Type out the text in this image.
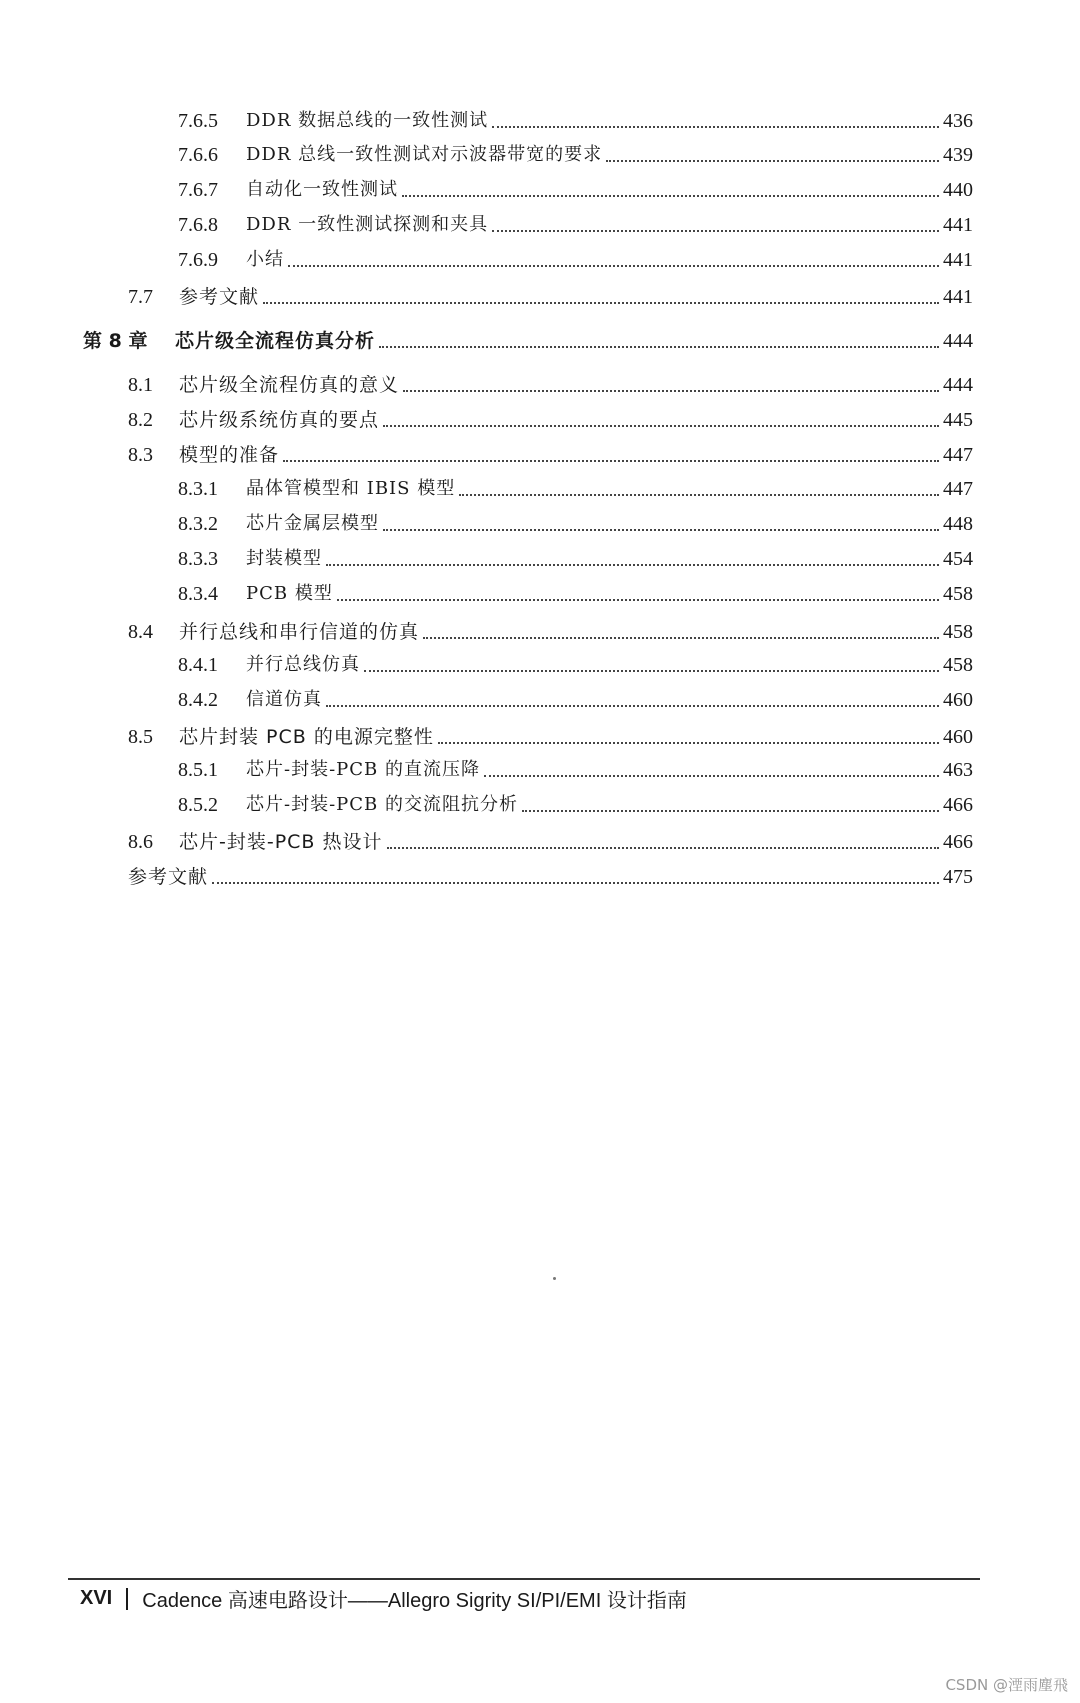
7.6.5	DDR 数据总线的一致性测试	436
7.6.6	DDR 总线一致性测试对示波器带宽的要求	439
7.6.7	自动化一致性测试	440
7.6.8	DDR 一致性测试探测和夹具	441
7.6.9	小结	441
7.7	参考文献	441
第 8 章	芯片级全流程仿真分析	444
8.1	芯片级全流程仿真的意义	444
8.2	芯片级系统仿真的要点	445
8.3	模型的准备	447
8.3.1	晶体管模型和 IBIS 模型	447
8.3.2	芯片金属层模型	448
8.3.3	封装模型	454
8.3.4	PCB 模型	458
8.4	并行总线和串行信道的仿真	458
8.4.1	并行总线仿真	458
8.4.2	信道仿真	460
8.5	芯片封装 PCB 的电源完整性	460
8.5.1	芯片-封装-PCB 的直流压降	463
8.5.2	芯片-封装-PCB 的交流阻抗分析	466
8.6	芯片-封装-PCB 热设计	466
参考文献	475
XVI Cadence 高速电路设计——Allegro Sigrity SI/PI/EMI 设计指南
CSDN @湮雨塵飛
